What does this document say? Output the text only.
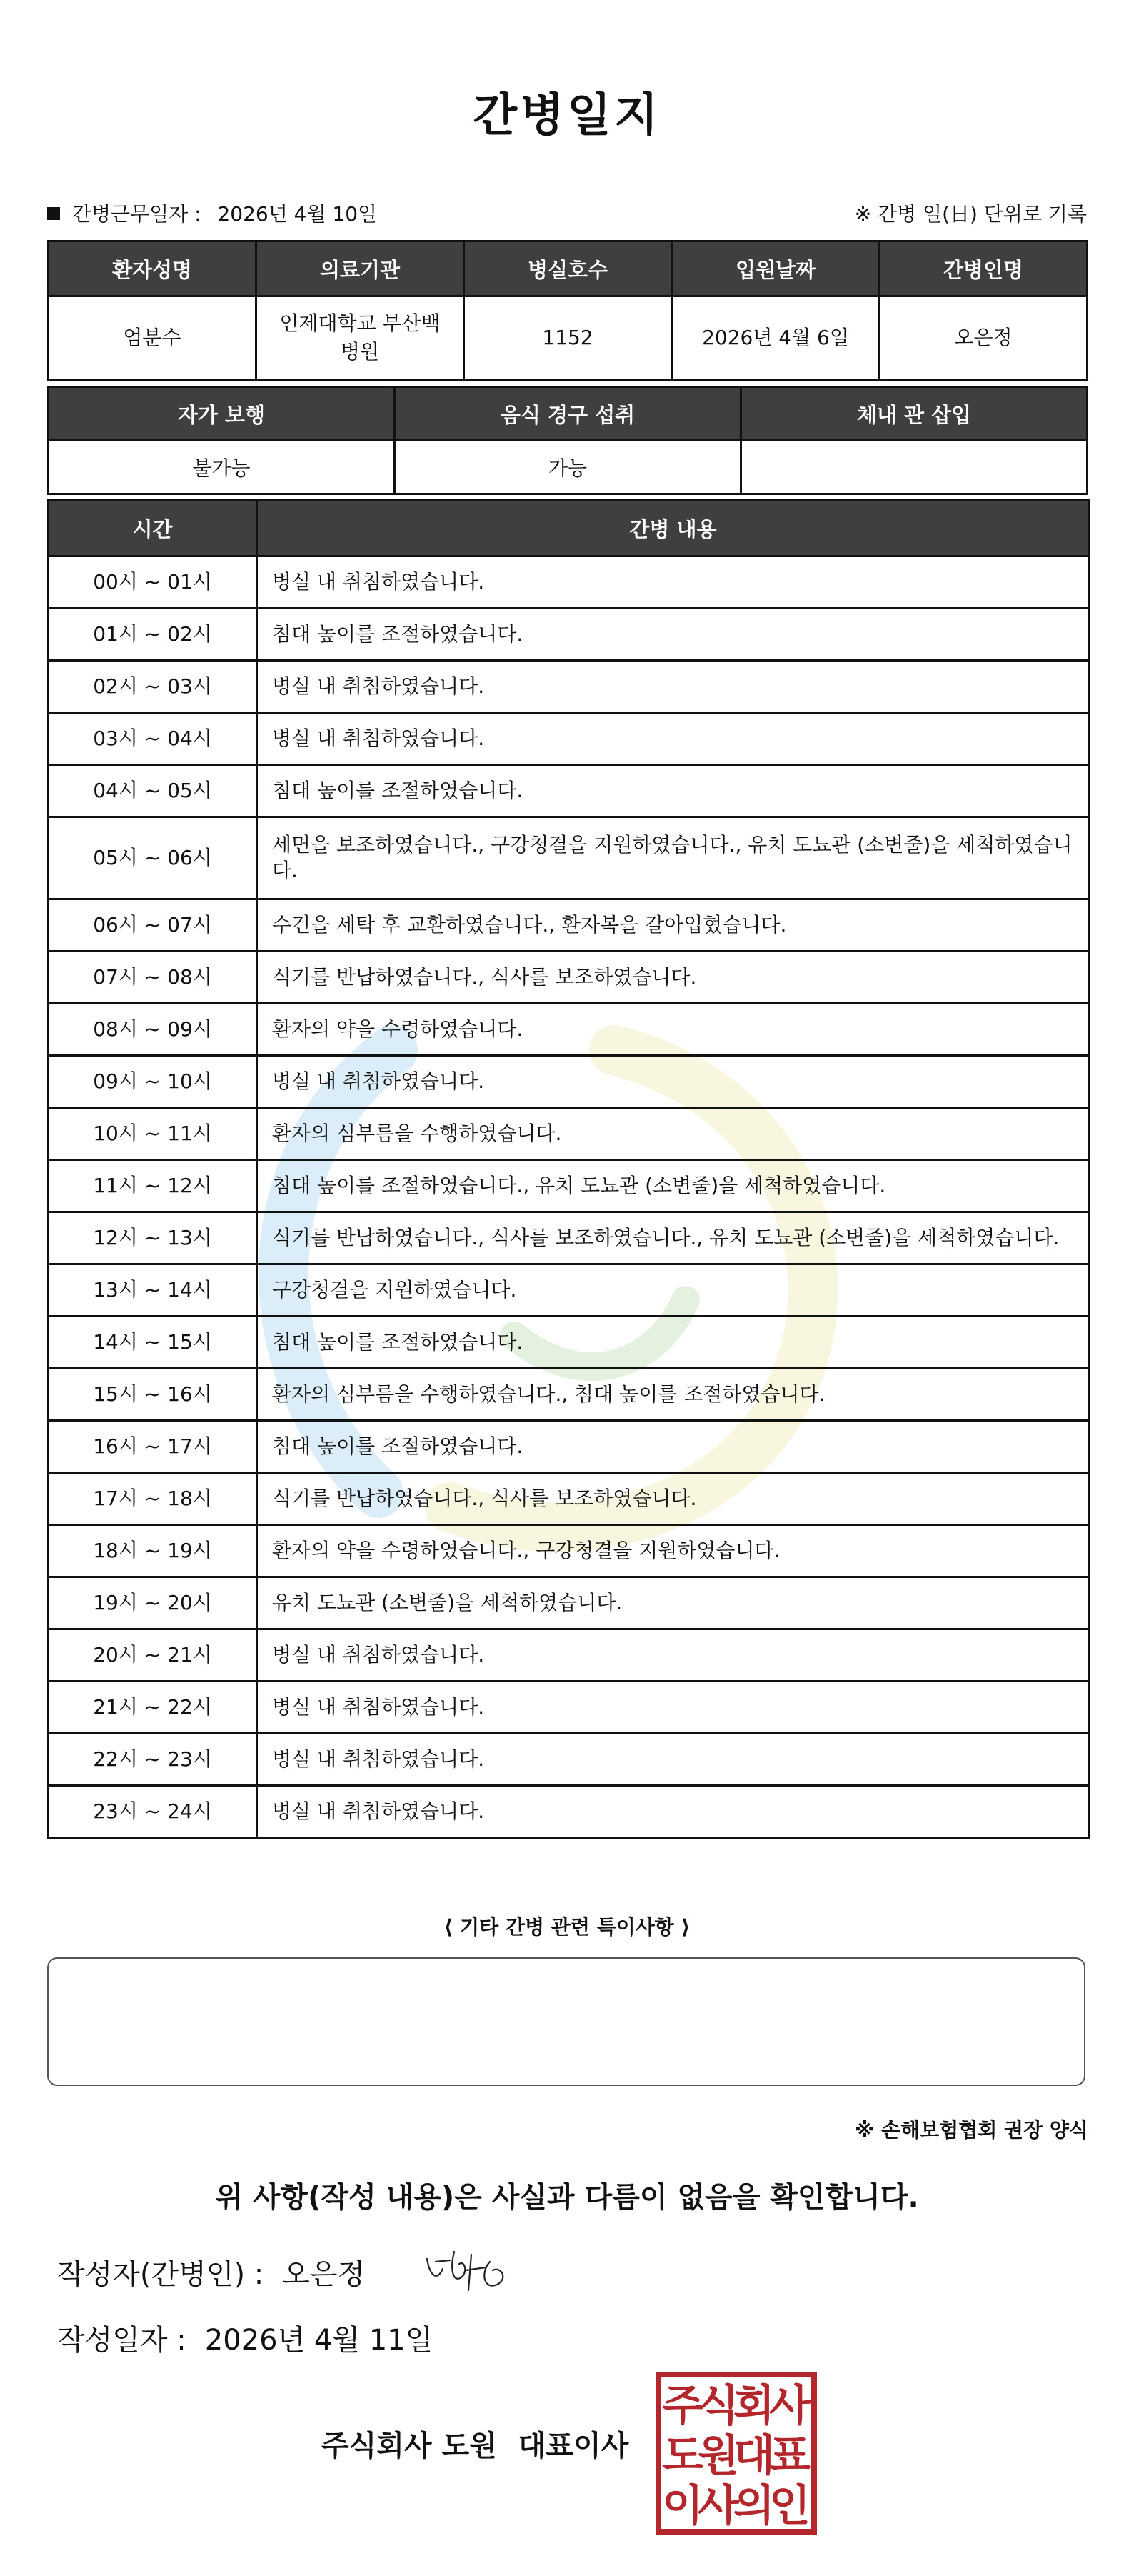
간병일지
간병근무일자 : 2026년 4월 10일	※ 간병 일(日) 단위로 기록
환자성명	의료기관	병실호수	입원날짜	간병인명
엄분수	인제대학교 부산백병원	1152	2026년 4월 6일	오은정
자가 보행	음식 경구 섭취	체내 관 삽입
불가능	가능	
시간	간병 내용
00시 ~ 01시	병실 내 취침하였습니다.
01시 ~ 02시	침대 높이를 조절하였습니다.
02시 ~ 03시	병실 내 취침하였습니다.
03시 ~ 04시	병실 내 취침하였습니다.
04시 ~ 05시	침대 높이를 조절하였습니다.
05시 ~ 06시	세면을 보조하였습니다., 구강청결을 지원하였습니다., 유치 도뇨관 (소변줄)을 세척하였습니다.
06시 ~ 07시	수건을 세탁 후 교환하였습니다., 환자복을 갈아입혔습니다.
07시 ~ 08시	식기를 반납하였습니다., 식사를 보조하였습니다.
08시 ~ 09시	환자의 약을 수령하였습니다.
09시 ~ 10시	병실 내 취침하였습니다.
10시 ~ 11시	환자의 심부름을 수행하였습니다.
11시 ~ 12시	침대 높이를 조절하였습니다., 유치 도뇨관 (소변줄)을 세척하였습니다.
12시 ~ 13시	식기를 반납하였습니다., 식사를 보조하였습니다., 유치 도뇨관 (소변줄)을 세척하였습니다.
13시 ~ 14시	구강청결을 지원하였습니다.
14시 ~ 15시	침대 높이를 조절하였습니다.
15시 ~ 16시	환자의 심부름을 수행하였습니다., 침대 높이를 조절하였습니다.
16시 ~ 17시	침대 높이를 조절하였습니다.
17시 ~ 18시	식기를 반납하였습니다., 식사를 보조하였습니다.
18시 ~ 19시	환자의 약을 수령하였습니다., 구강청결을 지원하였습니다.
19시 ~ 20시	유치 도뇨관 (소변줄)을 세척하였습니다.
20시 ~ 21시	병실 내 취침하였습니다.
21시 ~ 22시	병실 내 취침하였습니다.
22시 ~ 23시	병실 내 취침하였습니다.
23시 ~ 24시	병실 내 취침하였습니다.
⟨ 기타 간병 관련 특이사항 ⟩
※ 손해보험협회 권장 양식
위 사항(작성 내용)은 사실과 다름이 없음을 확인합니다.
작성자(간병인) : 오은정
작성일자 : 2026년 4월 11일
주식회사 도원 대표이사
주
식
회
사
도
원
대
표
이
사
의
인
